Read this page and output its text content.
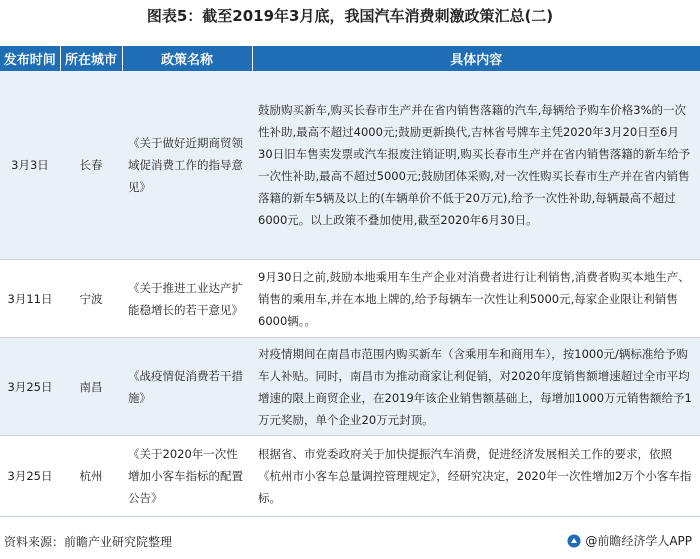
图表5：截至2019年3月底，我国汽车消费刺激政策汇总(二)
发布时间	所在城市	政策名称	具体内容
3月3日	长春	《关于做好近期商贸领域促消费工作的指导意见》	鼓励购买新车,购买长春市生产并在省内销售落籍的汽车,每辆给予购车价格3%的一次性补助,最高不超过4000元;鼓励更新换代,吉林省号牌车主凭2020年3月20日至6月30日旧车售卖发票或汽车报废注销证明,购买长春市生产并在省内销售落籍的新车给予一次性补助,最高不超过5000元;鼓励团体采购,对一次性购买长春市生产并在省内销售落籍的新车5辆及以上的(车辆单价不低于20万元),给予一次性补助,每辆最高不超过6000元。以上政策不叠加使用,截至2020年6月30日。
3月11日	宁波	《关于推进工业达产扩能稳增长的若干意见》	9月30日之前,鼓励本地乘用车生产企业对消费者进行让利销售,消费者购买本地生产、销售的乘用车,并在本地上牌的,给予每辆车一次性让利5000元,每家企业限让利销售6000辆。。
3月25日	南昌	《战疫情促消费若干措施》	对疫情期间在南昌市范围内购买新车（含乘用车和商用车），按1000元/辆标准给予购车人补贴。同时，南昌市为推动商家让利促销，对2020年度销售额增速超过全市平均增速的限上商贸企业，在2019年该企业销售额基础上，每增加1000万元销售额给予1万元奖励，单个企业20万元封顶。
3月25日	杭州	《关于2020年一次性增加小客车指标的配置公告》	根据省、市党委政府关于加快提振汽车消费，促进经济发展相关工作的要求，依照《杭州市小客车总量调控管理规定》，经研究决定，2020年一次性增加2万个小客车指标。
资料来源：前瞻产业研究院整理	@前瞻经济学人APP
